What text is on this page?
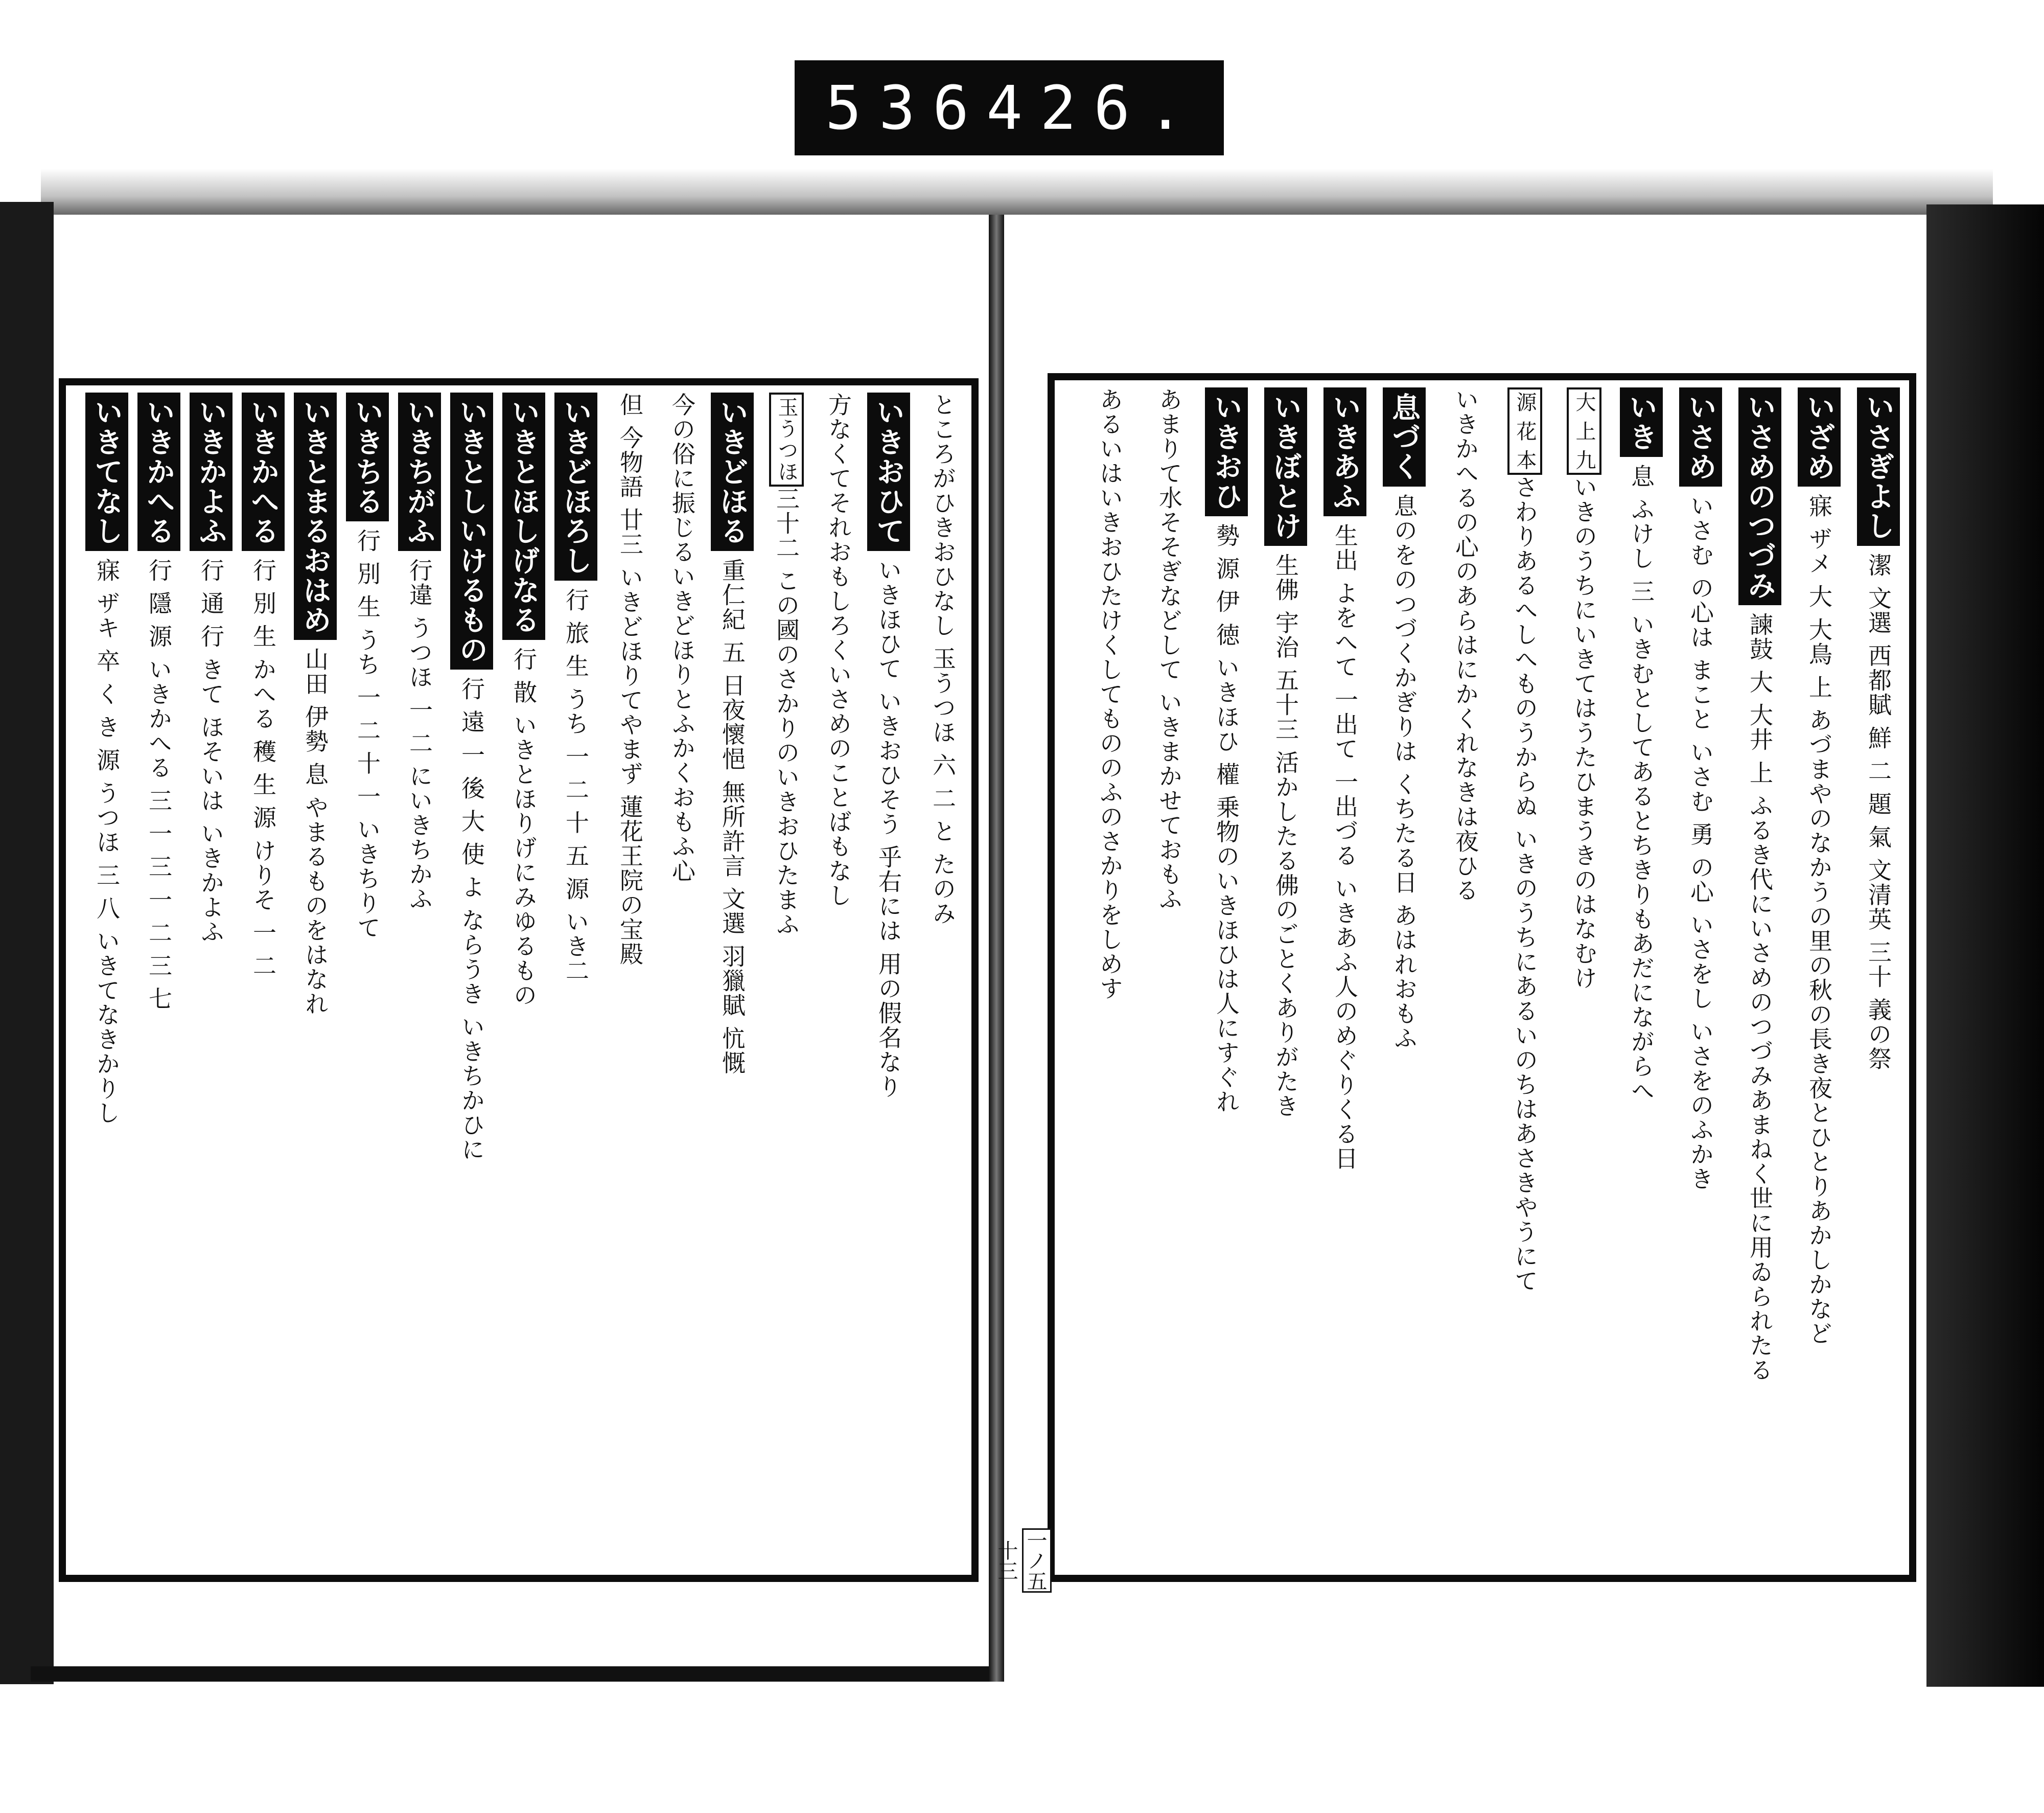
536 426.
いさぎよし潔 文選 西都賦 鮮 二 題 氣 文清英 三十 義の祭
いざめ寐 ザメ 大 大鳥 上 あづまやのなかうの里の秋の長き夜とひとりあかしかなど
いさめのつづみ諫鼓 大 大井 上 ふるき代にいさめのつづみあまねく世に用ゐられたる
いさめいさむ の心は まこと いさむ 勇 の心 いさをし いさをのふかき
いき息 ふけし 三 いきむとしてあるとちきりもあだにながらへ
大 上 九いきのうちにいきてはうたひまうきのはなむけ
源 花 本さわりあるへしへものうからぬ いきのうちにあるいのちはあさきやうにて
いきかへるの心のあらはにかくれなきは夜ひる
息づく息のをのつづくかぎりは くちたる日 あはれおもふ
いきあふ生出 よをへて 一出て 一出づる いきあふ人のめぐりくる日
いきぼとけ生佛 宇治 五十三 活かしたる佛のごとくありがたき
いきおひ勢 源 伊 徳 いきほひ 權 乗物のいきほひは人にすぐれ
あまりて水そそぎなどして いきまかせておもふ
あるいはいきおひたけくしてもののふのさかりをしめす
ところがひきおひなし 玉うつほ 六 二 と たのみ
いきおひていきほひて いきおひそう 乎右には 用の假名なり
方なくてそれおもしろくいさめのことばもなし
玉うつほ三十二 この國のさかりのいきおひたまふ
いきどほる重仁紀 五 日夜懷悒 無所許言 文選 羽獵賦 忼慨
今の俗に振じるいきどほりとふかくおもふ心
但 今物語 廿三 いきどほりてやまず 蓮花王院の宝殿
いきどほろし行 旅 生 うち 一 二 十 五 源 いき二
いきとほしげなる行 散 いきとほりげにみゆるもの
いきとしいけるもの行 遠 一 後 大 使 よ ならうき いきちかひに
いきちがふ行違 うつほ 一 二 にいきちかふ
いきちる行 別 生 うち 一 二 十 一 いきちりて
いきとまるおはめ山田 伊勢 息 やまるものをはなれ
いきかへる行 別 生 かへる 穫 生 源 けりそ 一 二
いきかよふ行 通 行 きて ほそいは いきかよふ
いきかへる行 隱 源 いきかへる 三 一 三 一 二 三 七
いきてなし寐 ザキ 卒 く き 源 うつほ 三 八 いきてなきかりし
一ノ五十三
